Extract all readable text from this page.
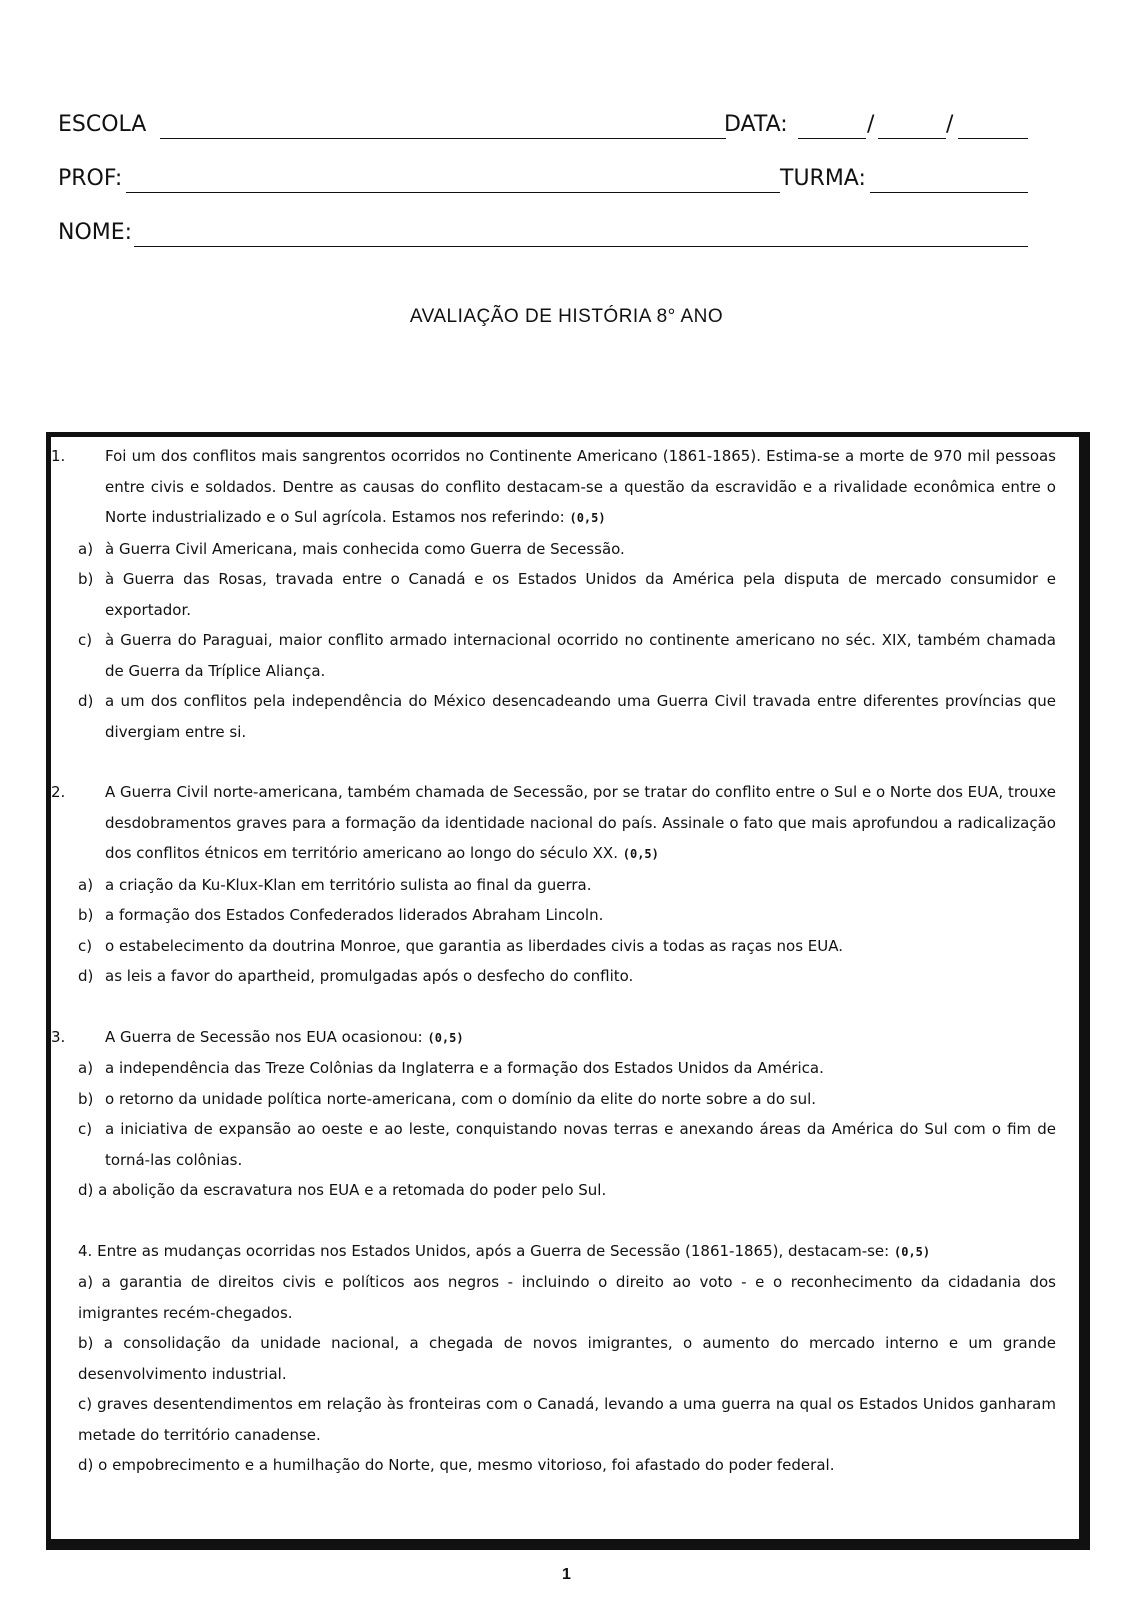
ESCOLA	DATA:	/	/
PROF:	TURMA:
NOME:
AVALIAÇÃO DE HISTÓRIA 8° ANO

1.	Foi um dos conflitos mais sangrentos ocorridos no Continente Americano (1861-1865). Estima-se a morte de 970 mil pessoas entre civis e soldados. Dentre as causas do conflito destacam-se a questão da escravidão e a rivalidade econômica entre o Norte industrializado e o Sul agrícola. Estamos nos referindo: (0,5)

a) à Guerra Civil Americana, mais conhecida como Guerra de Secessão.

b) à Guerra das Rosas, travada entre o Canadá e os Estados Unidos da América pela disputa de mercado consumidor e exportador.

c) à Guerra do Paraguai, maior conflito armado internacional ocorrido no continente americano no séc. XIX, também chamada de Guerra da Tríplice Aliança.

d) a um dos conflitos pela independência do México desencadeando uma Guerra Civil travada entre diferentes províncias que divergiam entre si.

2.	A Guerra Civil norte-americana, também chamada de Secessão, por se tratar do conflito entre o Sul e o Norte dos EUA, trouxe desdobramentos graves para a formação da identidade nacional do país. Assinale o fato que mais aprofundou a radicalização dos conflitos étnicos em território americano ao longo do século XX. (0,5)

a) a criação da Ku-Klux-Klan em território sulista ao final da guerra.

b) a formação dos Estados Confederados liderados Abraham Lincoln.

c) o estabelecimento da doutrina Monroe, que garantia as liberdades civis a todas as raças nos EUA.

d) as leis a favor do apartheid, promulgadas após o desfecho do conflito.

3.	A Guerra de Secessão nos EUA ocasionou: (0,5)

a) a independência das Treze Colônias da Inglaterra e a formação dos Estados Unidos da América.

b) o retorno da unidade política norte-americana, com o domínio da elite do norte sobre a do sul.

c) a iniciativa de expansão ao oeste e ao leste, conquistando novas terras e anexando áreas da América do Sul com o fim de torná-las colônias.

d) a abolição da escravatura nos EUA e a retomada do poder pelo Sul.

4. Entre as mudanças ocorridas nos Estados Unidos, após a Guerra de Secessão (1861-1865), destacam-se: (0,5)

a) a garantia de direitos civis e políticos aos negros - incluindo o direito ao voto - e o reconhecimento da cidadania dos imigrantes recém-chegados.

b) a consolidação da unidade nacional, a chegada de novos imigrantes, o aumento do mercado interno e um grande desenvolvimento industrial.

c) graves desentendimentos em relação às fronteiras com o Canadá, levando a uma guerra na qual os Estados Unidos ganharam metade do território canadense.

d) o empobrecimento e a humilhação do Norte, que, mesmo vitorioso, foi afastado do poder federal.

1
